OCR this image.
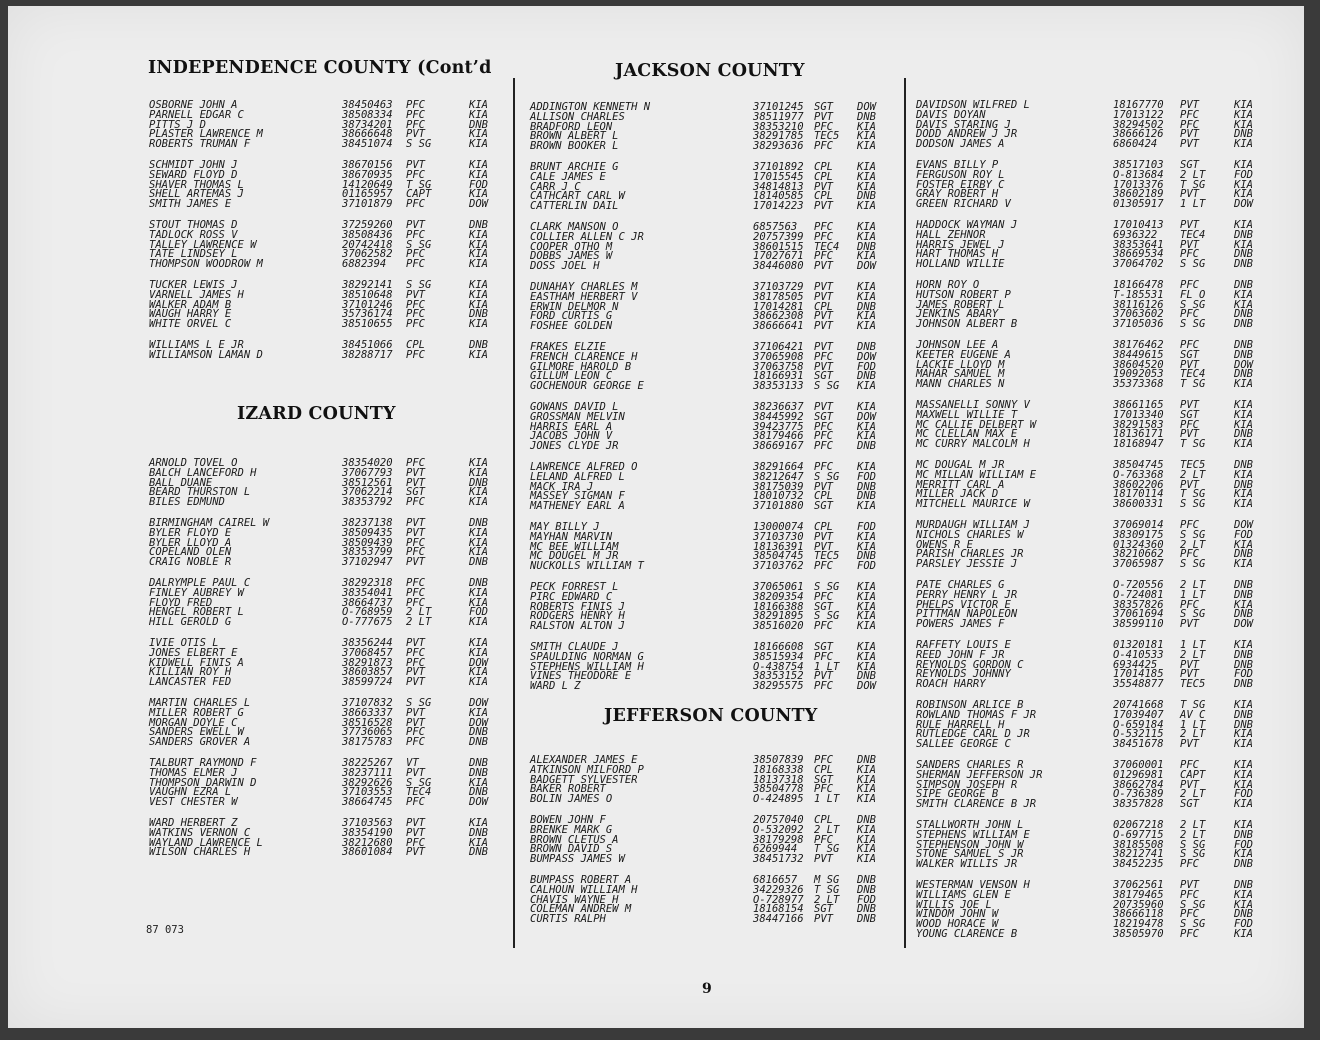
INDEPENDENCE COUNTY (Cont’d
OSBORNE JOHN A	38450463 PFC	KIA
PARNELL EDGAR C	38508334 PFC	KIA
PITTS J D	38734201 PFC	DNB
PLASTER LAWRENCE M	38666648 PVT	KIA
ROBERTS TRUMAN F	38451074 S SG	KIA
SCHMIDT JOHN J	38670156 PVT	KIA
SEWARD FLOYD D	38670935 PFC	KIA
SHAVER THOMAS L	14120649 T SG	FOD
SHELL ARTEMAS J	01165957 CAPT	KIA
SMITH JAMES E	37101879 PFC	DOW
STOUT THOMAS D	37259260 PVT	DNB
TADLOCK ROSS V	38508436 PFC	KIA
TALLEY LAWRENCE W	20742418 S SG	KIA
TATE LINDSEY L	37062582 PFC	KIA
THOMPSON WOODROW M	6882394 PFC	KIA
TUCKER LEWIS J	38292141 S SG	KIA
VARNELL JAMES H	38510648 PVT	KIA
WALKER ADAM B	37101246 PFC	KIA
WAUGH HARRY E	35736174 PFC	DNB
WHITE ORVEL C	38510655 PFC	KIA
WILLIAMS L E JR	38451066 CPL	DNB
WILLIAMSON LAMAN D	38288717 PFC	KIA
IZARD COUNTY
ARNOLD TOVEL O	38354020 PFC	KIA
BALCH LANCEFORD H	37067793 PVT	KIA
BALL DUANE	38512561 PVT	DNB
BEARD THURSTON L	37062214 SGT	KIA
BILES EDMUND	38353792 PFC	KIA
BIRMINGHAM CAIREL W	38237138 PVT	DNB
BYLER FLOYD E	38509435 PVT	KIA
BYLER LLOYD A	38509439 PFC	KIA
COPELAND OLEN	38353799 PFC	KIA
CRAIG NOBLE R	37102947 PVT	DNB
DALRYMPLE PAUL C	38292318 PFC	DNB
FINLEY AUBREY W	38354041 PFC	KIA
FLOYD FRED	38664737 PFC	KIA
HENGEL ROBERT L	O-768959 2 LT	FOD
HILL GEROLD G	O-777675 2 LT	KIA
IVIE OTIS L	38356244 PVT	KIA
JONES ELBERT E	37068457 PFC	KIA
KIDWELL FINIS A	38291873 PFC	DOW
KILLIAN ROY H	38603857 PVT	KIA
LANCASTER FED	38599724 PVT	KIA
MARTIN CHARLES L	37107832 S SG	DOW
MILLER ROBERT G	38663337 PVT	KIA
MORGAN DOYLE C	38516528 PVT	DOW
SANDERS EWELL W	37736065 PFC	DNB
SANDERS GROVER A	38175783 PFC	DNB
TALBURT RAYMOND F	38225267 VT	DNB
THOMAS ELMER J	38237111 PVT	DNB
THOMPSON DARWIN D	38292626 S SG	KIA
VAUGHN EZRA L	37103553 TEC4	DNB
VEST CHESTER W	38664745 PFC	DOW
WARD HERBERT Z	37103563 PVT	KIA
WATKINS VERNON C	38354190 PVT	DNB
WAYLAND LAWRENCE L	38212680 PFC	KIA
WILSON CHARLES H	38601084 PVT	DNB
JACKSON COUNTY
ADDINGTON KENNETH N	37101245 SGT DOW
ALLISON CHARLES	38511977 PVT DNB
BRADFORD LEON	38353210 PFC KIA
BROWN ALBERT L	38291785 TEC5 KIA
BROWN BOOKER L	38293636 PFC KIA
BRUNT ARCHIE G	37101892 CPL KIA
CALE JAMES E	17015545 CPL KIA
CARR J C	34814813 PVT KIA
CATHCART CARL W	18140585 CPL DNB
CATTERLIN DAIL	17014223 PVT KIA
CLARK MANSON O	6857563 PFC KIA
COLLIER ALLEN C JR	20757399 PFC KIA
COOPER OTHO M	38601515 TEC4 DNB
DOBBS JAMES W	17027671 PFC KIA
DOSS JOEL H	38446080 PVT DOW
DUNAHAY CHARLES M	37103729 PVT KIA
EASTHAM HERBERT V	38178505 PVT KIA
ERWIN DELMOR N	17014281 CPL DNB
FORD CURTIS G	38662308 PVT KIA
FOSHEE GOLDEN	38666641 PVT KIA
FRAKES ELZIE	37106421 PVT DNB
FRENCH CLARENCE H	37065908 PFC DOW
GILMORE HAROLD B	37063758 PVT FOD
GILLUM LEON C	18166931 SGT DNB
GOCHENOUR GEORGE E	38353133 S SG KIA
GOWANS DAVID L	38236637 PVT KIA
GROSSMAN MELVIN	38445992 SGT DOW
HARRIS EARL A	39423775 PFC KIA
JACOBS JOHN V	38179466 PFC KIA
JONES CLYDE JR	38669167 PFC DNB
LAWRENCE ALFRED O	38291664 PFC KIA
LELAND ALFRED L	38212647 S SG FOD
MACK IRA J	38175039 PVT DNB
MASSEY SIGMAN F	18010732 CPL DNB
MATHENEY EARL A	37101880 SGT KIA
MAY BILLY J	13000074 CPL FOD
MAYHAN MARVIN	37103730 PVT KIA
MC BEE WILLIAM	18136391 PVT KIA
MC DOUGEL M JR	38504745 TEC5 DNB
NUCKOLLS WILLIAM T	37103762 PFC FOD
PECK FORREST L	37065061 S SG KIA
PIRC EDWARD C	38209354 PFC KIA
ROBERTS FINIS J	18166388 SGT KIA
RODGERS HENRY H	38291895 S SG KIA
RALSTON ALTON J	38516020 PFC KIA
SMITH CLAUDE J	18166608 SGT KIA
SPAULDING NORMAN G	38515934 PFC KIA
STEPHENS WILLIAM H	O-438754 1 LT KIA
VINES THEODORE E	38353152 PVT DNB
WARD L Z	38295575 PFC DOW
JEFFERSON COUNTY
ALEXANDER JAMES E	38507839 PFC DNB
ATKINSON MILFORD P	18168338 CPL KIA
BADGETT SYLVESTER	18137318 SGT KIA
BAKER ROBERT	38504778 PFC KIA
BOLIN JAMES O	O-424895 1 LT KIA
BOWEN JOHN F	20757040 CPL DNB
BRENKE MARK G	O-532092 2 LT KIA
BROWN CLETUS A	38179298 PFC KIA
BROWN DAVID S	6269944 T SG KIA
BUMPASS JAMES W	38451732 PVT KIA
BUMPASS ROBERT A	6816657 M SG DNB
CALHOUN WILLIAM H	34229326 T SG DNB
CHAVIS WAYNE H	O-728977 2 LT FOD
COLEMAN ANDREW M	18168154 SGT DNB
CURTIS RALPH	38447166 PVT DNB
DAVIDSON WILFRED L	18167770 PVT	KIA
DAVIS DOYAN	17013122 PFC	KIA
DAVIS STARING J	38294502 PFC	KIA
DODD ANDREW J JR	38666126 PVT	DNB
DODSON JAMES A	6860424 PVT	KIA
EVANS BILLY P	38517103 SGT	KIA
FERGUSON ROY L	O-813684 2 LT	FOD
FOSTER EIRBY C	17013376 T SG	KIA
GRAY ROBERT H	38602189 PVT	KIA
GREEN RICHARD V	01305917 1 LT	DOW
HADDOCK WAYMAN J	17010413 PVT	KIA
HALL ZEHNOR	6936322 TEC4	DNB
HARRIS JEWEL J	38353641 PVT	KIA
HART THOMAS H	38669534 PFC	DNB
HOLLAND WILLIE	37064702 S SG	DNB
HORN ROY O	18166478 PFC	DNB
HUTSON ROBERT P	T-185531 FL O	KIA
JAMES ROBERT L	38116126 S SG	KIA
JENKINS ABARY	37063602 PFC	DNB
JOHNSON ALBERT B	37105036 S SG	DNB
JOHNSON LEE A	38176462 PFC	DNB
KEETER EUGENE A	38449615 SGT	DNB
LACKIE LLOYD M	38604520 PVT	DOW
MAHAR SAMUEL M	19092053 TEC4	DNB
MANN CHARLES N	35373368 T SG	KIA
MASSANELLI SONNY V	38661165 PVT	KIA
MAXWELL WILLIE T	17013340 SGT	KIA
MC CALLIE DELBERT W	38291583 PFC	KIA
MC CLELLAN MAX E	18136171 PVT	DNB
MC CURRY MALCOLM H	18168947 T SG	KIA
MC DOUGAL M JR	38504745 TEC5	DNB
MC MILLAN WILLIAM E	O-763368 2 LT	KIA
MERRITT CARL A	38602206 PVT	DNB
MILLER JACK D	18170114 T SG	KIA
MITCHELL MAURICE W	38600331 S SG	KIA
MURDAUGH WILLIAM J	37069014 PFC	DOW
NICHOLS CHARLES W	38309175 S SG	FOD
OWENS R E	01324360 2 LT	KIA
PARISH CHARLES JR	38210662 PFC	DNB
PARSLEY JESSIE J	37065987 S SG	KIA
PATE CHARLES G	O-720556 2 LT	DNB
PERRY HENRY L JR	O-724081 1 LT	DNB
PHELPS VICTOR E	38357826 PFC	KIA
PITTMAN NAPOLEON	37061694 S SG	DNB
POWERS JAMES F	38599110 PVT	DOW
RAFFETY LOUIS E	01320181 1 LT	KIA
REED JOHN F JR	O-410533 2 LT	DNB
REYNOLDS GORDON C	6934425 PVT	DNB
REYNOLDS JOHNNY	17014185 PVT	FOD
ROACH HARRY	35548877 TEC5	DNB
ROBINSON ARLICE B	20741668 T SG	KIA
ROWLAND THOMAS F JR	17039407 AV C	DNB
RULE HARRELL H	O-659184 1 LT	DNB
RUTLEDGE CARL D JR	O-532115 2 LT	KIA
SALLEE GEORGE C	38451678 PVT	KIA
SANDERS CHARLES R	37060001 PFC	KIA
SHERMAN JEFFERSON JR	01296981 CAPT	KIA
SIMPSON JOSEPH R	38662784 PVT	KIA
SIPE GEORGE B	O-736389 2 LT	FOD
SMITH CLARENCE B JR	38357828 SGT	KIA
STALLWORTH JOHN L	02067218 2 LT	KIA
STEPHENS WILLIAM E	O-697715 2 LT	DNB
STEPHENSON JOHN W	38185508 S SG	FOD
STONE SAMUEL S JR	38212741 S SG	KIA
WALKER WILLIS JR	38452235 PFC	DNB
WESTERMAN VENSON H	37062561 PVT	DNB
WILLIAMS GLEN E	38179465 PFC	KIA
WILLIS JOE L	20735960 S SG	KIA
WINDOM JOHN W	38666118 PFC	DNB
WOOD HORACE W	18219478 S SG	FOD
YOUNG CLARENCE B	38505970 PFC	KIA
87 073
9
